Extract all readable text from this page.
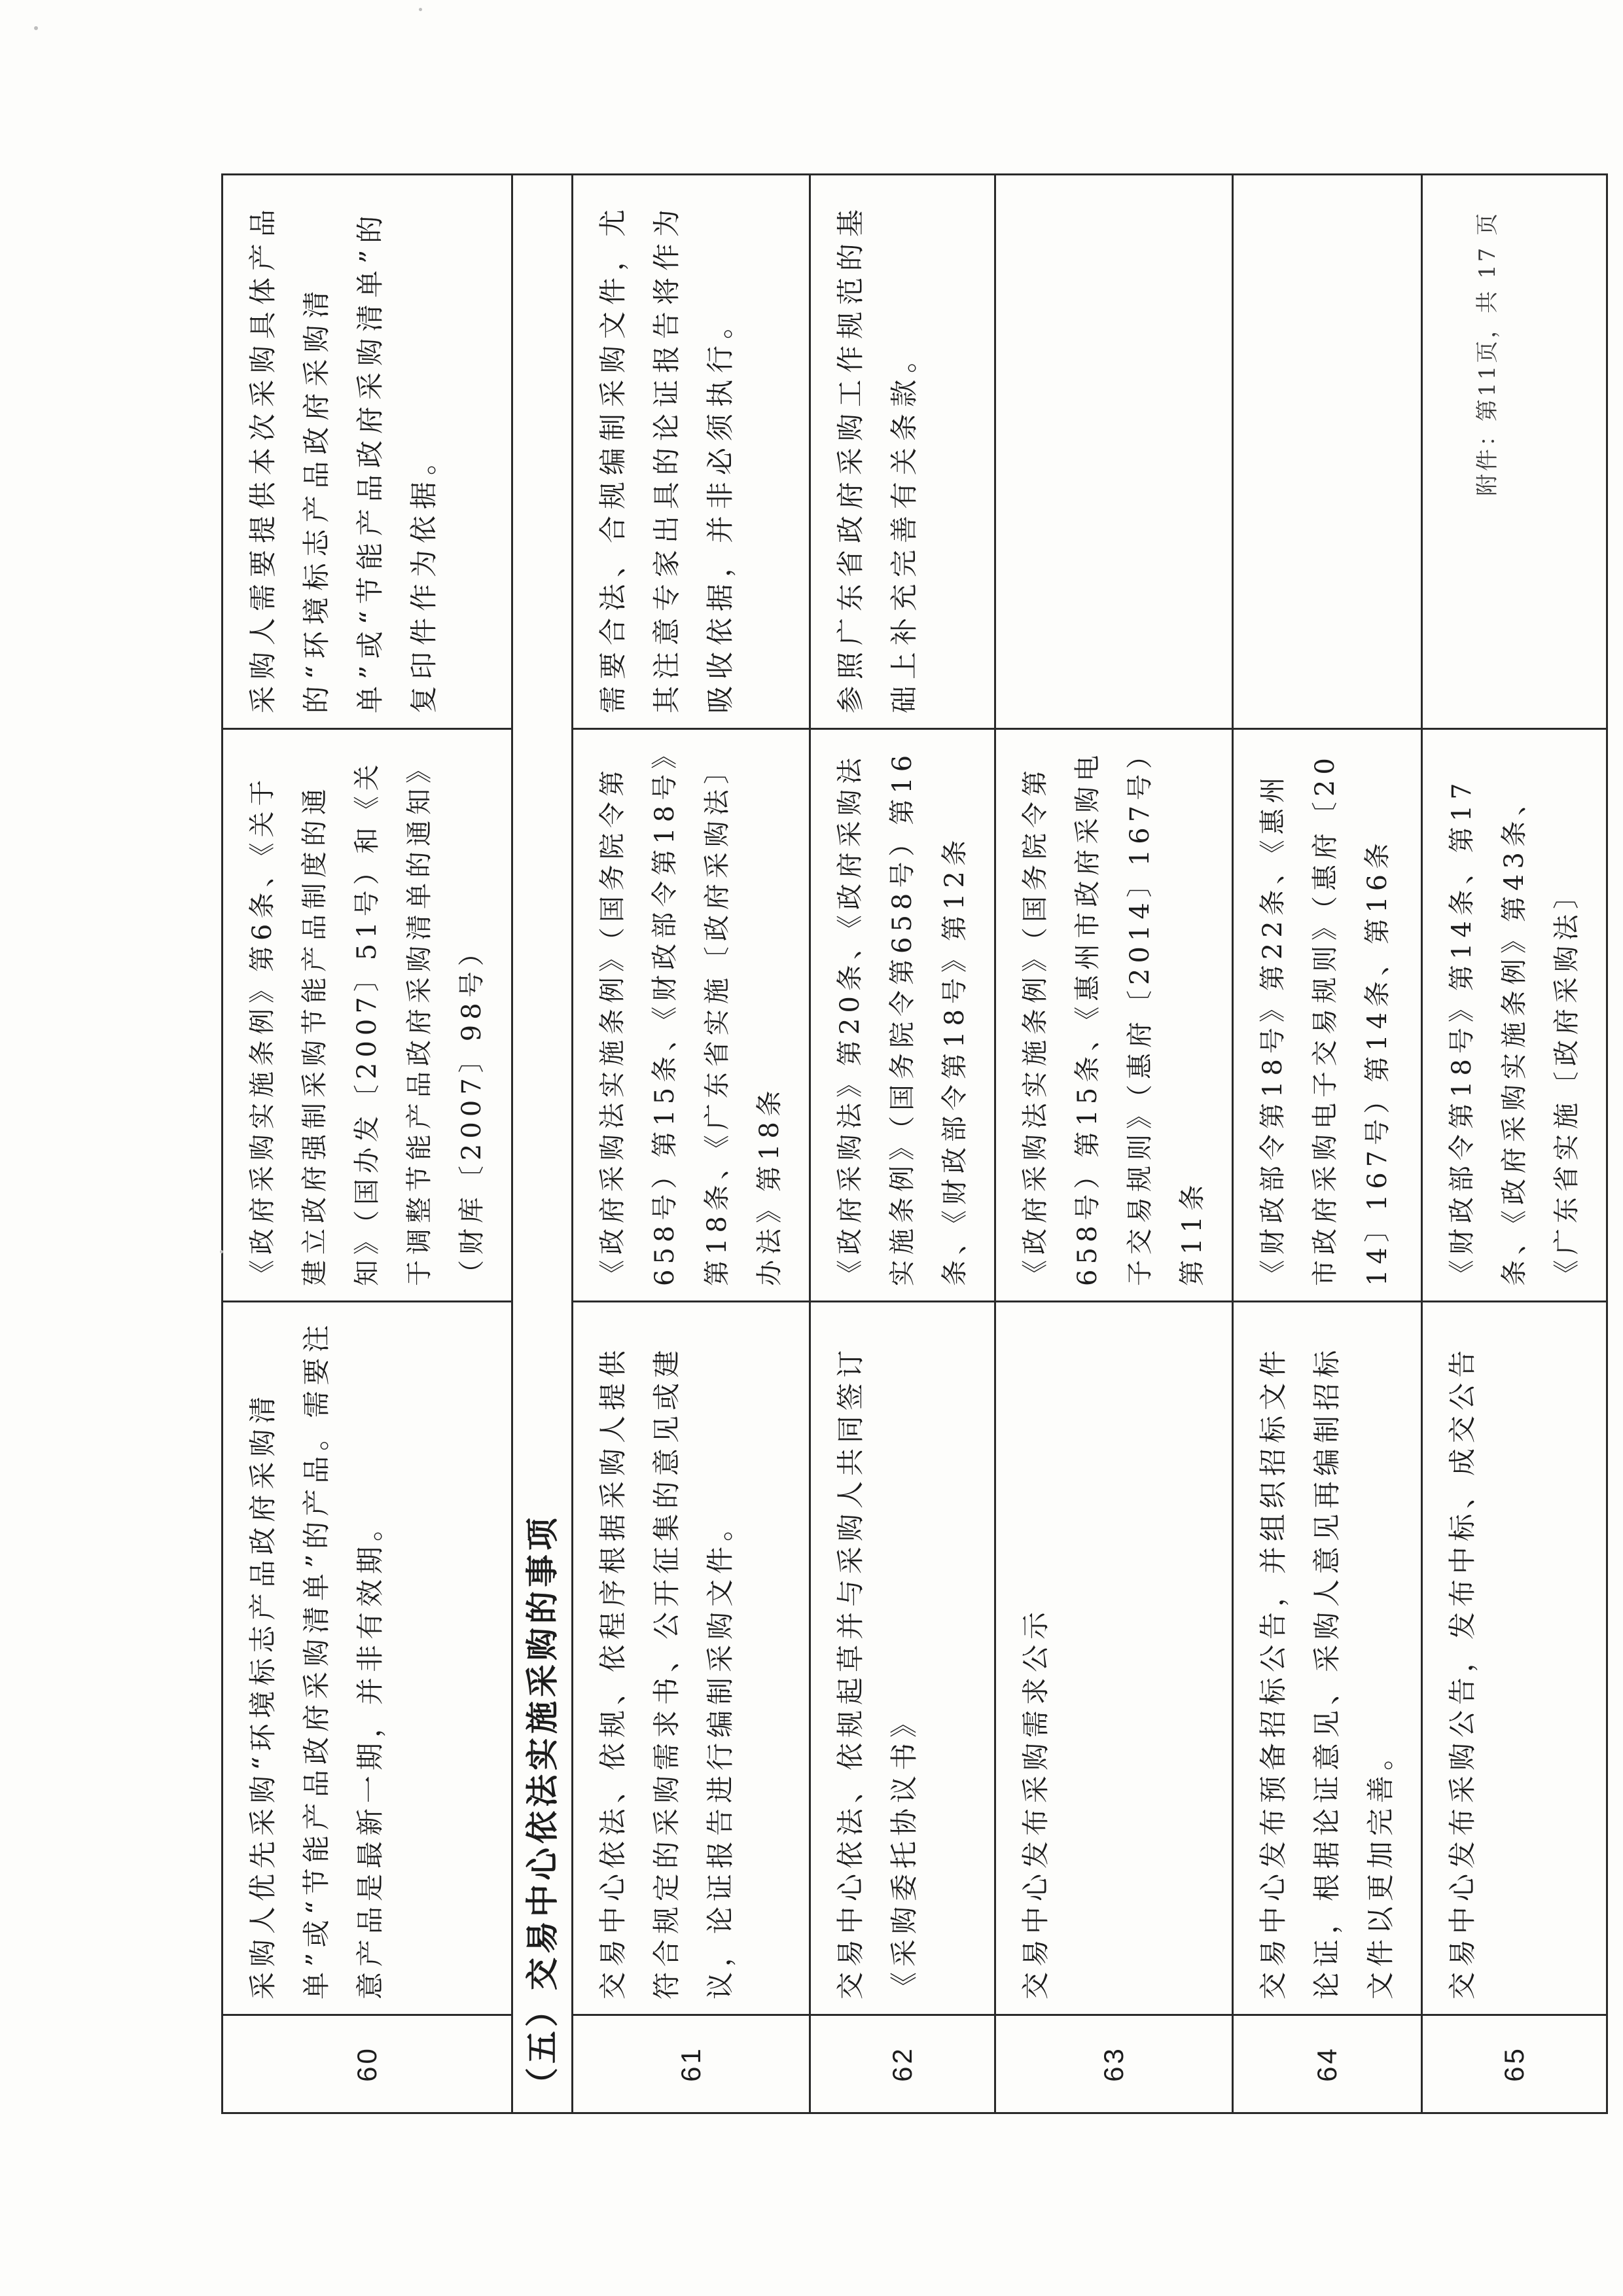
60	采购人优先采购“环境标志产品政府采购清单”或“节能产品政府采购清单”的产品。需要注意产品是最新一期，并非有效期。	《政府采购实施条例》第6条、《关于建立政府强制采购节能产品制度的通知》（国办发〔2007〕51号）和《关于调整节能产品政府采购清单的通知》（财库〔2007〕98号）	采购人需要提供本次采购具体产品的“环境标志产品政府采购清单”或“节能产品政府采购清单”的复印件作为依据。
（五）交易中心依法实施采购的事项			
61	交易中心依法、依规、依程序根据采购人提供符合规定的采购需求书、公开征集的意见或建议，论证报告进行编制采购文件。	《政府采购法实施条例》（国务院令第658号）第15条、《财政部令第18号》第18条、《广东省实施〔政府采购法〕办法》第18条	需要合法、合规编制采购文件，尤其注意专家出具的论证报告将作为吸收依据，并非必须执行。
62	交易中心依法、依规起草并与采购人共同签订《采购委托协议书》	《政府采购法》第20条、《政府采购法实施条例》（国务院令第658号）第16条、《财政部令第18号》第12条	参照广东省政府采购工作规范的基础上补充完善有关条款。
63	交易中心发布采购需求公示	《政府采购法实施条例》（国务院令第658号）第15条、《惠州市政府采购电子交易规则》（惠府〔2014〕167号）第11条	
64	交易中心发布预备招标公告，并组织招标文件论证，根据论证意见、采购人意见再编制招标文件以更加完善。	《财政部令第18号》第22条、《惠州市政府采购电子交易规则》（惠府〔2014〕167号）第14条、第16条	
65	交易中心发布采购公告，发布中标、成交公告	《财政部令第18号》第14条、第17条、《政府采购实施条例》第43条、《广东省实施〔政府采购法〕	
附件：第11页，共 17 页
